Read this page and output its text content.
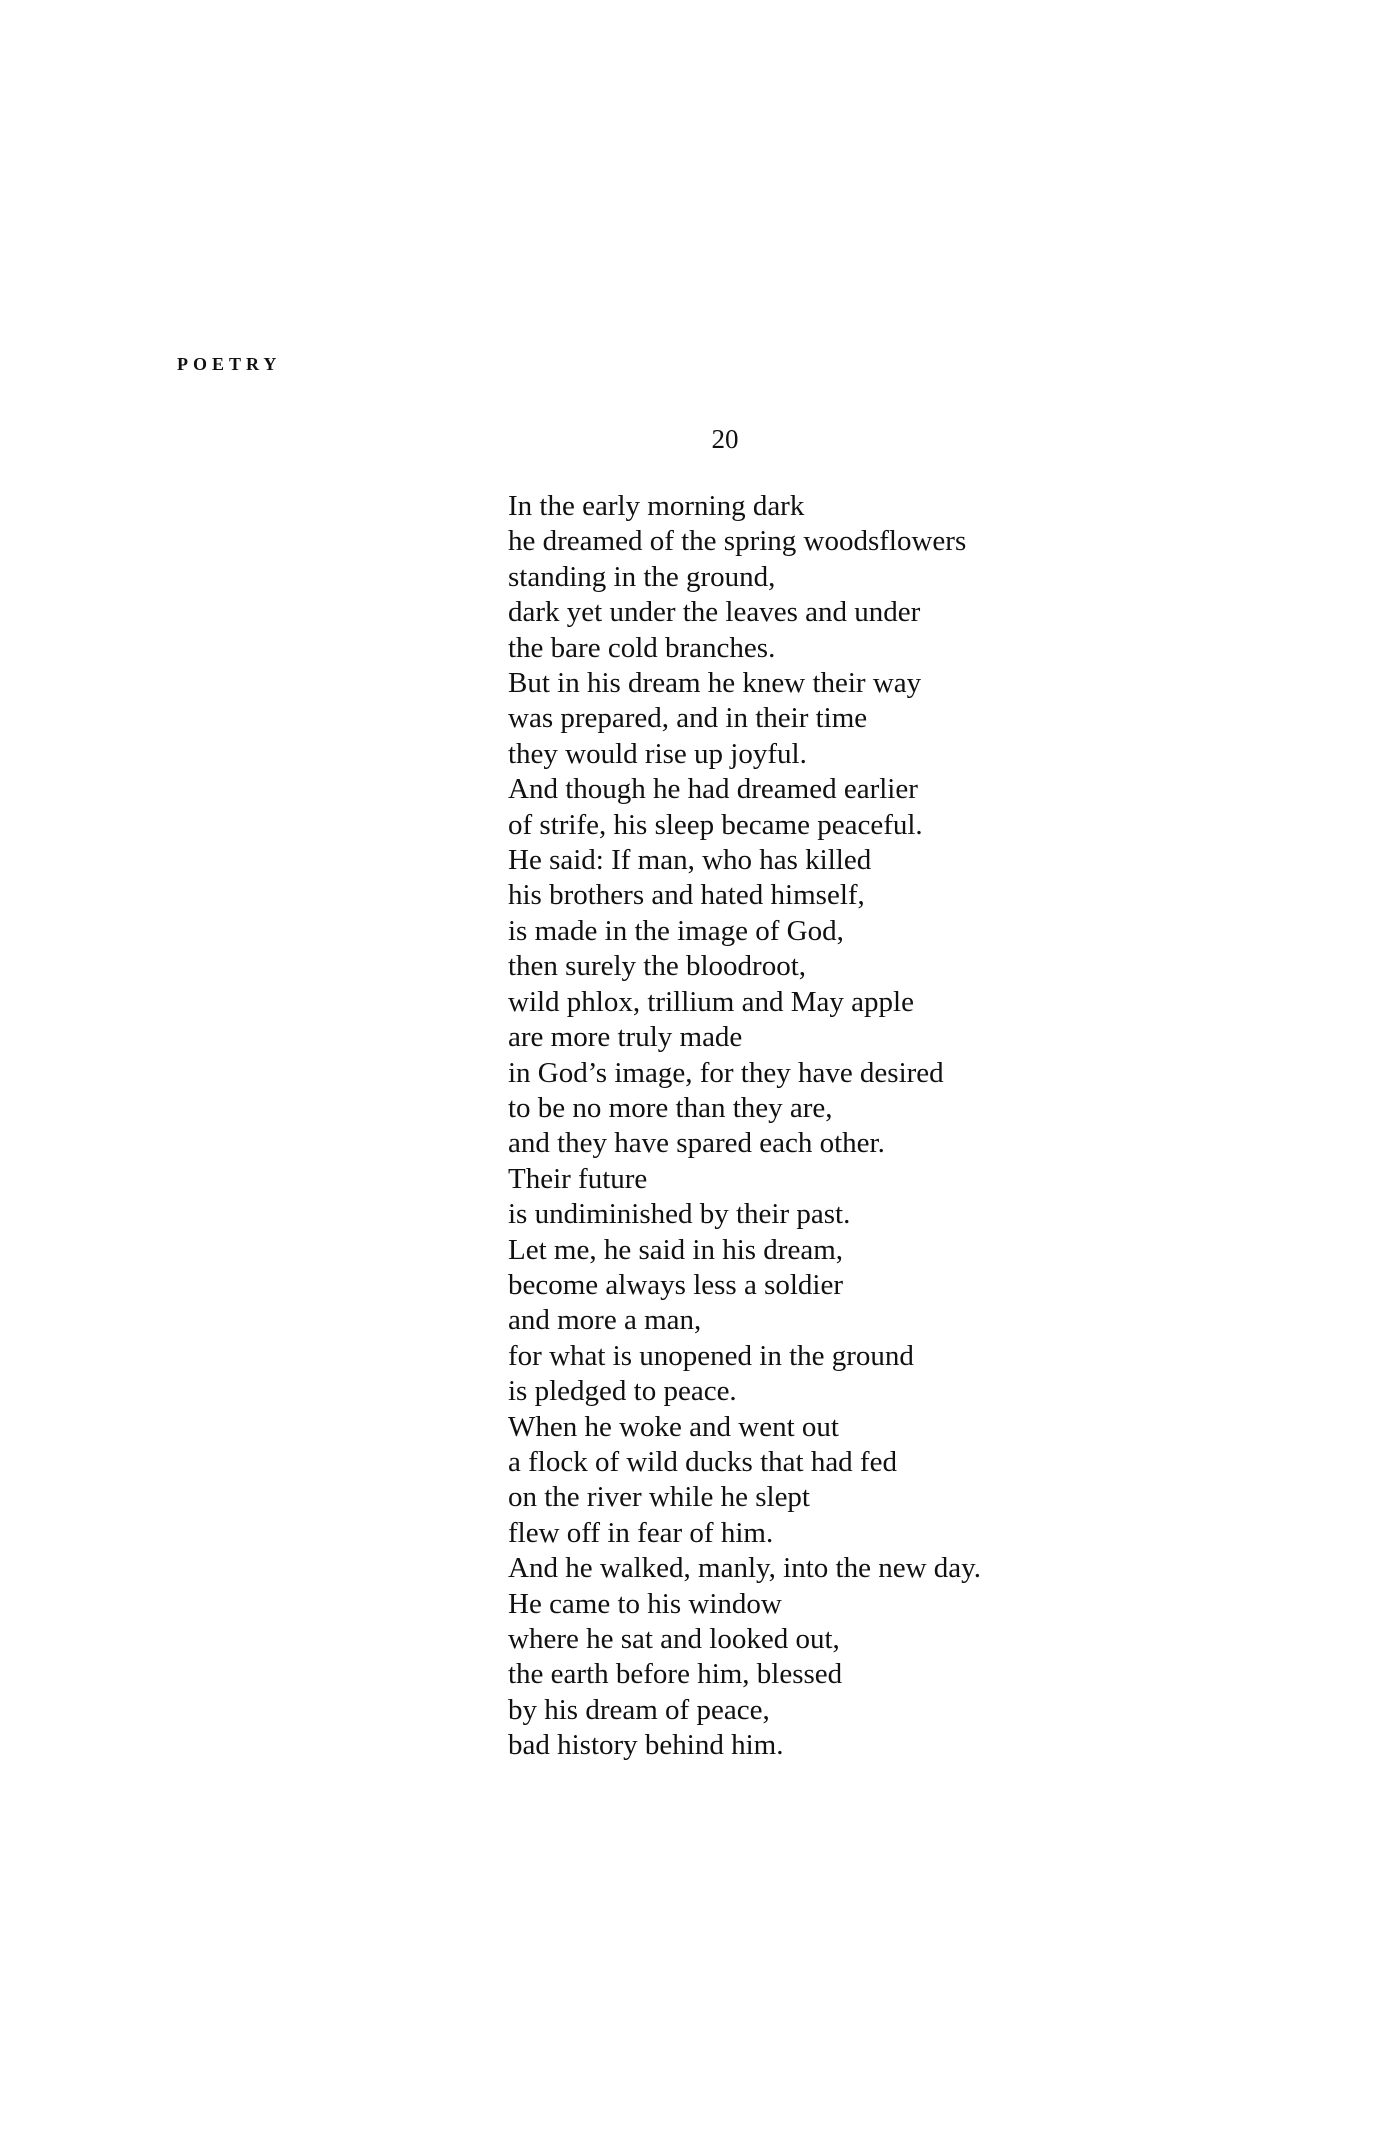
POETRY
20
In the early morning dark
he dreamed of the spring woodsflowers
standing in the ground,
dark yet under the leaves and under
the bare cold branches.
But in his dream he knew their way
was prepared, and in their time
they would rise up joyful.
And though he had dreamed earlier
of strife, his sleep became peaceful.
He said: If man, who has killed
his brothers and hated himself,
is made in the image of God,
then surely the bloodroot,
wild phlox, trillium and May apple
are more truly made
in God’s image, for they have desired
to be no more than they are,
and they have spared each other.
Their future
is undiminished by their past.
Let me, he said in his dream,
become always less a soldier
and more a man,
for what is unopened in the ground
is pledged to peace.
When he woke and went out
a flock of wild ducks that had fed
on the river while he slept
flew off in fear of him.
And he walked, manly, into the new day.
He came to his window
where he sat and looked out,
the earth before him, blessed
by his dream of peace,
bad history behind him.
